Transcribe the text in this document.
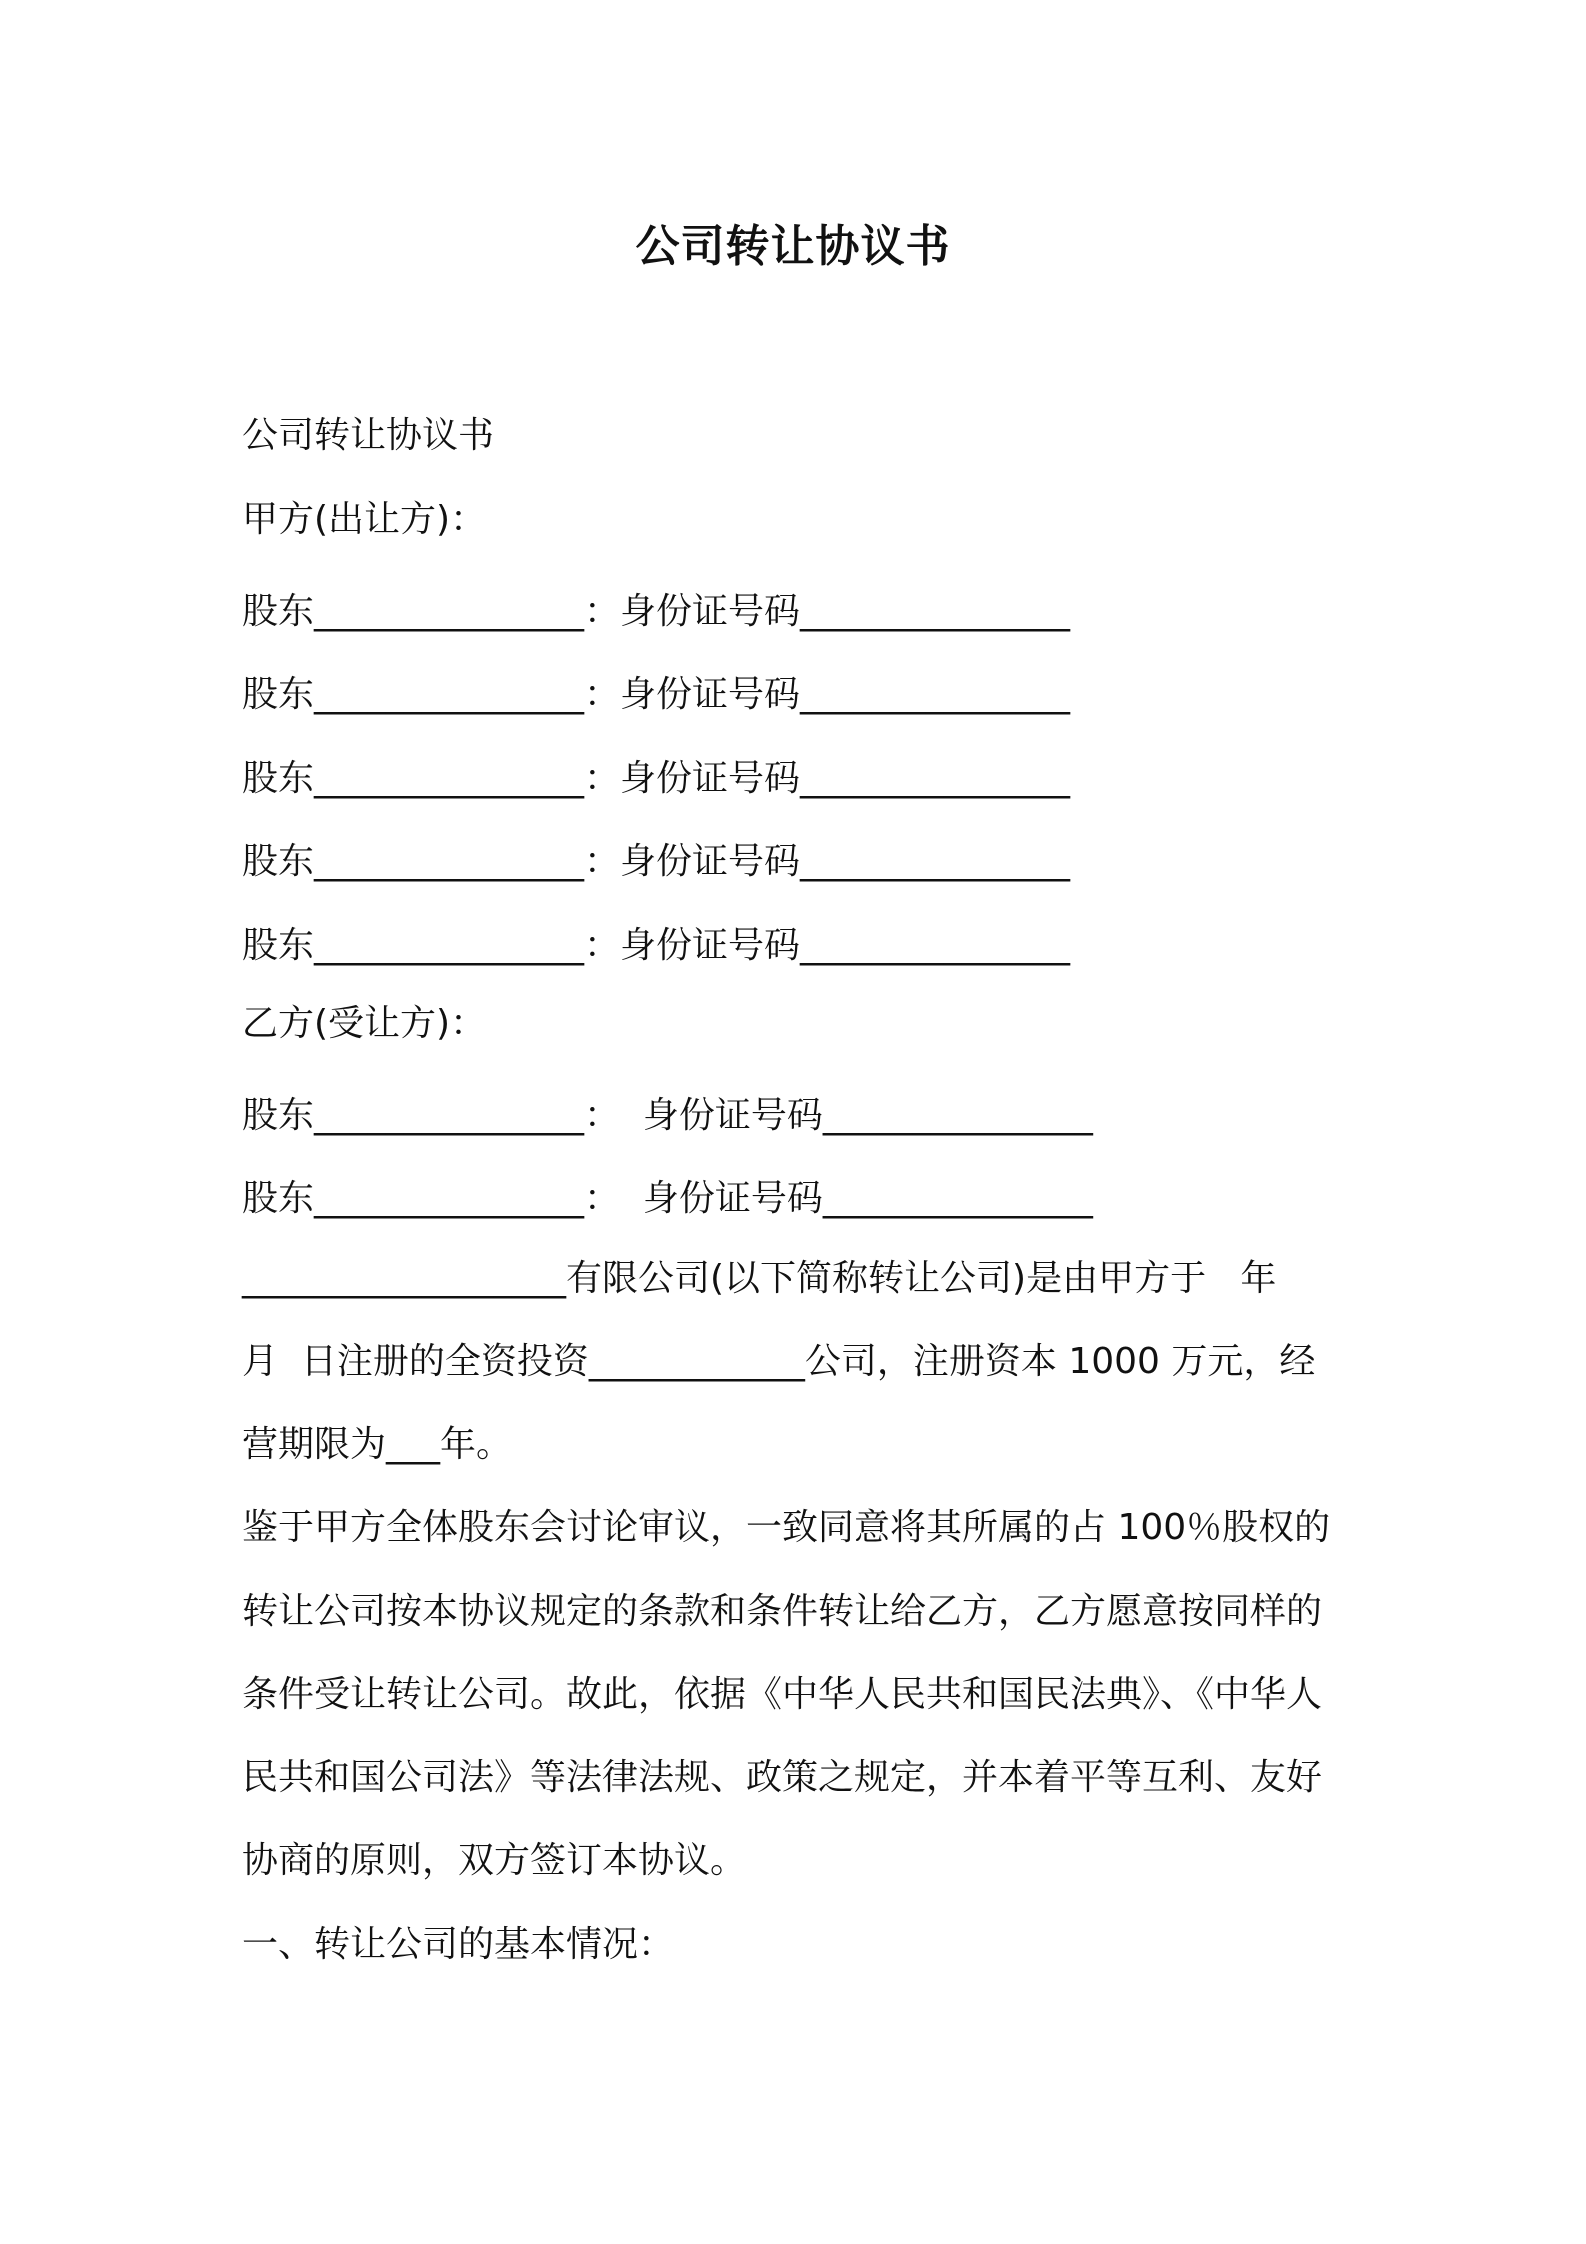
公司转让协议书
公司转让协议书
甲方(出让方)：
股东_______________：身份证号码_______________
股东_______________：身份证号码_______________
股东_______________：身份证号码_______________
股东_______________：身份证号码_______________
股东_______________：身份证号码_______________
乙方(受让方)：
股东_______________：  身份证号码_______________
股东_______________：  身份证号码_______________
__________________有限公司(以下简称转让公司)是由甲方于   年
月  日注册的全资投资____________公司，注册资本 1000 万元，经
营期限为___年。
鉴于甲方全体股东会讨论审议，一致同意将其所属的占 100％股权的
转让公司按本协议规定的条款和条件转让给乙方，乙方愿意按同样的
条件受让转让公司。故此，依据《中华人民共和国民法典》、《中华人
民共和国公司法》等法律法规、政策之规定，并本着平等互利、友好
协商的原则，双方签订本协议。
一、转让公司的基本情况：
